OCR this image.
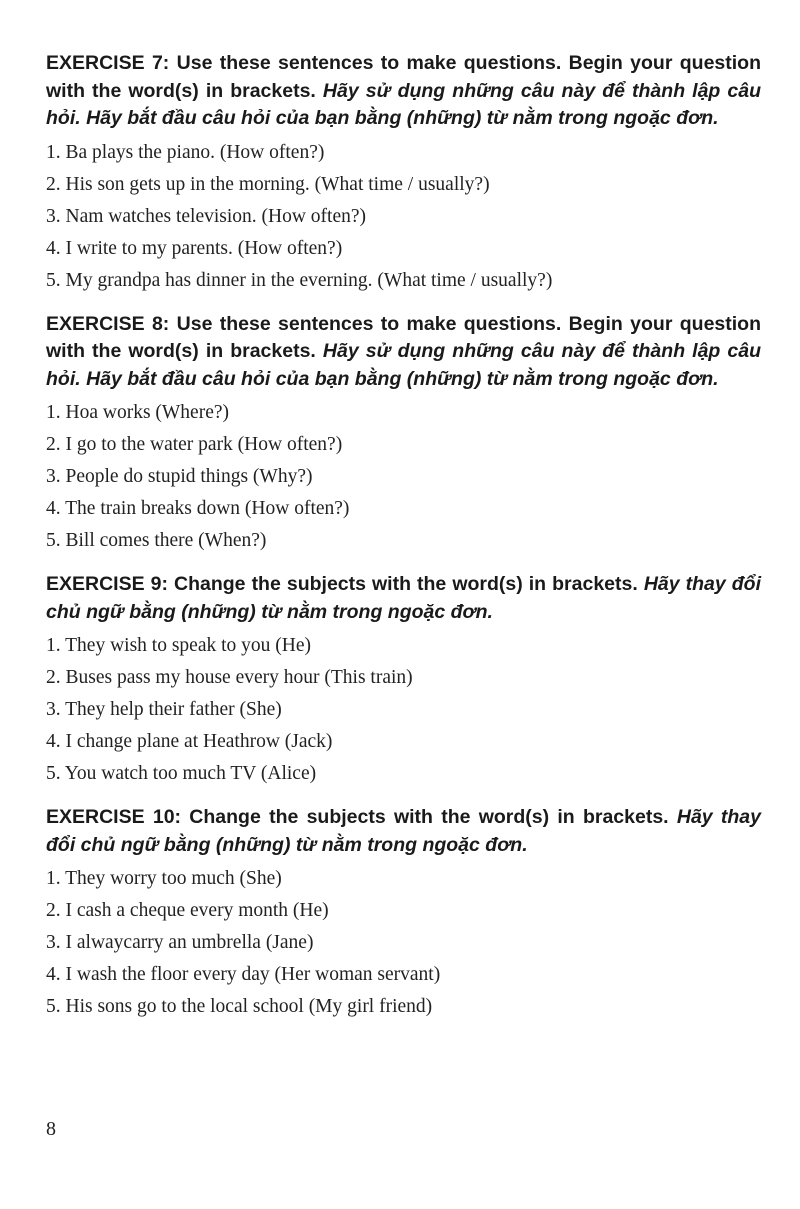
EXERCISE 7: Use these sentences to make questions. Begin your question with the word(s) in brackets. Hãy sử dụng những câu này để thành lập câu hỏi. Hãy bắt đầu câu hỏi của bạn bằng (những) từ nằm trong ngoặc đơn.

1. Ba plays the piano. (How often?)
2. His son gets up in the morning. (What time / usually?)
3. Nam watches television. (How often?)
4. I write to my parents. (How often?)
5. My grandpa has dinner in the everning. (What time / usually?)

EXERCISE 8: Use these sentences to make questions. Begin your question with the word(s) in brackets. Hãy sử dụng những câu này để thành lập câu hỏi. Hãy bắt đầu câu hỏi của bạn bằng (những) từ nằm trong ngoặc đơn.

1. Hoa works (Where?)
2. I go to the water park (How often?)
3. People do stupid things (Why?)
4. The train breaks down (How often?)
5. Bill comes there (When?)

EXERCISE 9: Change the subjects with the word(s) in brackets. Hãy thay đổi chủ ngữ bằng (những) từ nằm trong ngoặc đơn.

1. They wish to speak to you (He)
2. Buses pass my house every hour (This train)
3. They help their father (She)
4. I change plane at Heathrow (Jack)
5. You watch too much TV (Alice)

EXERCISE 10: Change the subjects with the word(s) in brackets. Hãy thay đổi chủ ngữ bằng (những) từ nằm trong ngoặc đơn.

1. They worry too much (She)
2. I cash a cheque every month (He)
3. I alwaycarry an umbrella (Jane)
4. I wash the floor every day (Her woman servant)
5. His sons go to the local school (My girl friend)
8
